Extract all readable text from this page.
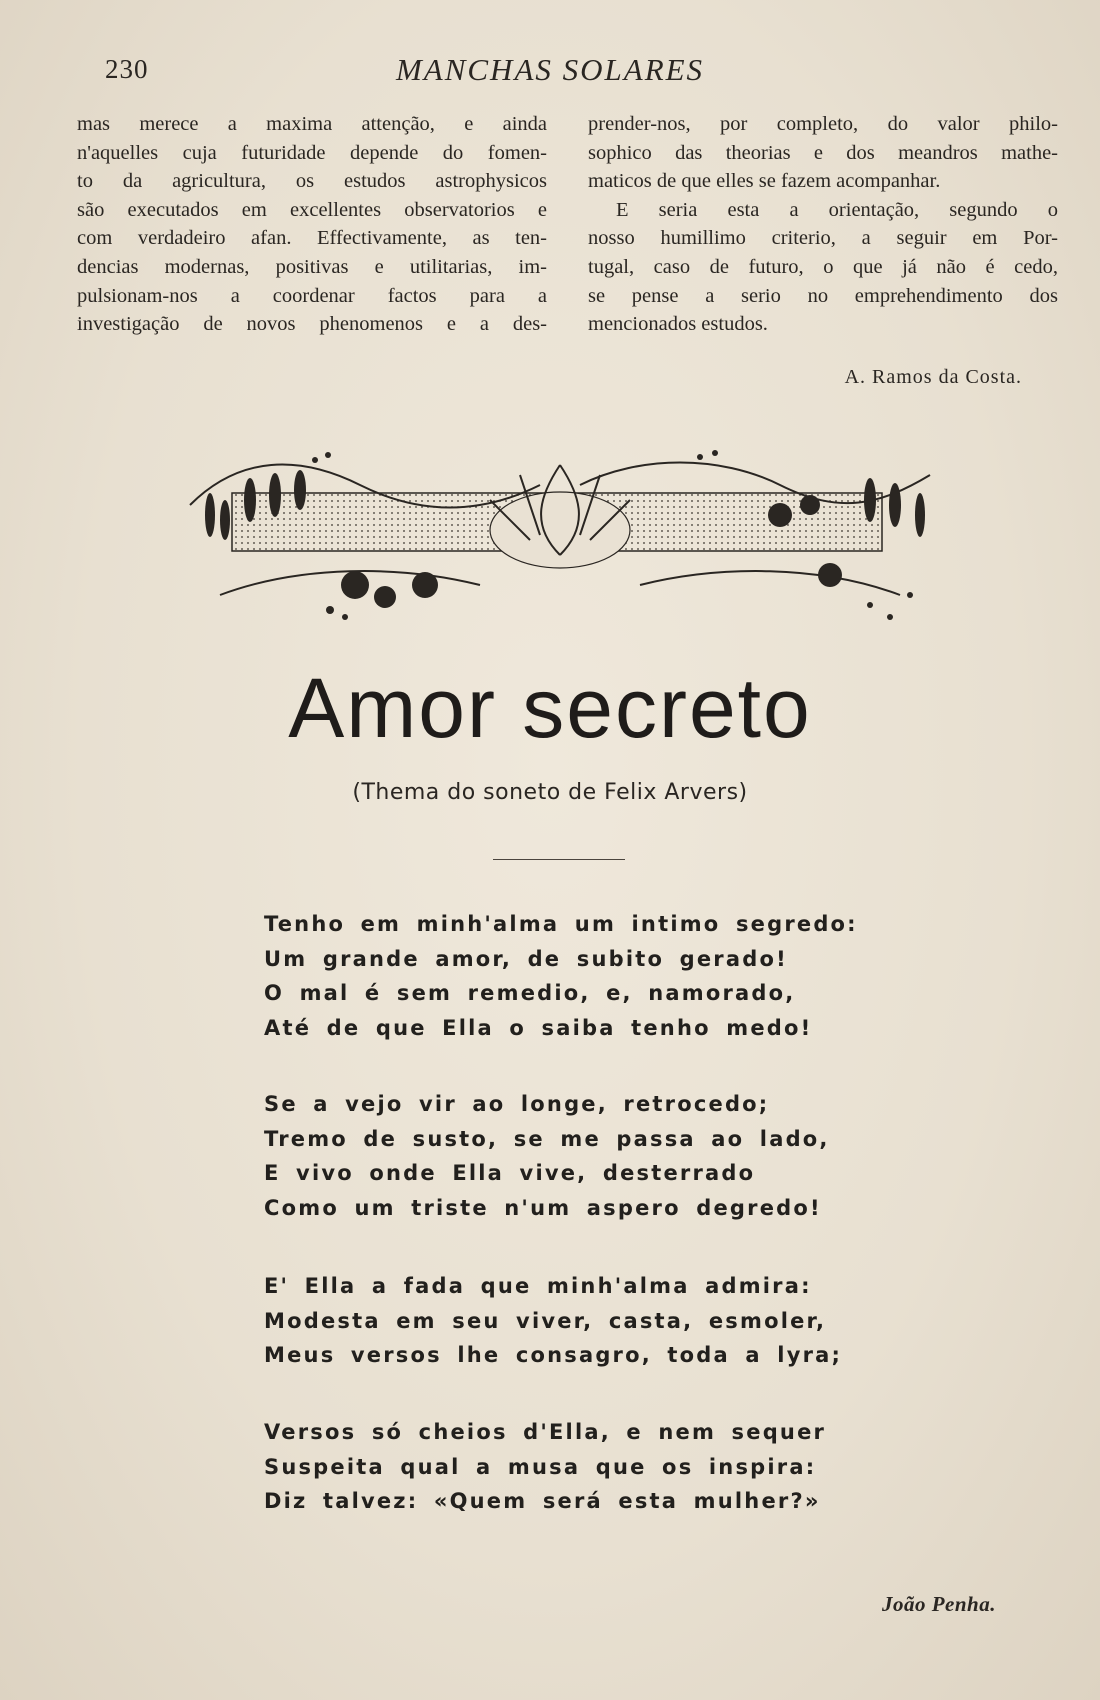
230	MANCHAS SOLARES
mas merece a maxima attenção, e ainda
n'aquelles cuja futuridade depende do fomen-
to da agricultura, os estudos astrophysicos
são executados em excellentes observatorios e
com verdadeiro afan. Effectivamente, as ten-
dencias modernas, positivas e utilitarias, im-
pulsionam-nos a coordenar factos para a
investigação de novos phenomenos e a des-
prender-nos, por completo, do valor philo-
sophico das theorias e dos meandros mathe-
maticos de que elles se fazem acompanhar.
E seria esta a orientação, segundo o
nosso humillimo criterio, a seguir em Por-
tugal, caso de futuro, o que já não é cedo,
se pense a serio no emprehendimento dos
mencionados estudos.
A. Ramos da Costa.
Amor secreto
(Thema do soneto de Felix Arvers)
Tenho em minh'alma um intimo segredo:
Um grande amor, de subito gerado!
O mal é sem remedio, e, namorado,
Até de que Ella o saiba tenho medo!
Se a vejo vir ao longe, retrocedo;
Tremo de susto, se me passa ao lado,
E vivo onde Ella vive, desterrado
Como um triste n'um aspero degredo!
E' Ella a fada que minh'alma admira:
Modesta em seu viver, casta, esmoler,
Meus versos lhe consagro, toda a lyra;
Versos só cheios d'Ella, e nem sequer
Suspeita qual a musa que os inspira:
Diz talvez: «Quem será esta mulher?»
João Penha.
